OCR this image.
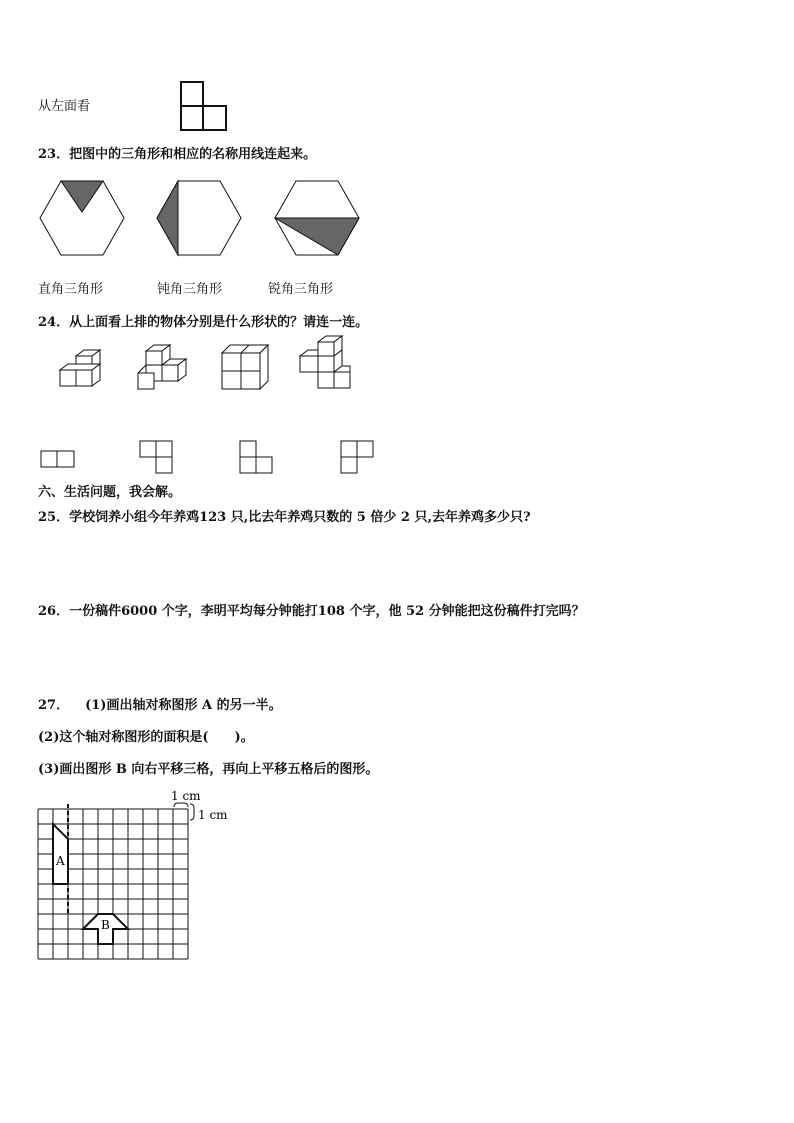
从左面看
23．把图中的三角形和相应的名称用线连起来。
直角三角形	钝角三角形	锐角三角形
24．从上面看上排的物体分别是什么形状的？请连一连。
六、生活问题，我会解。
25．学校饲养小组今年养鸡123 只,比去年养鸡只数的 5 倍少 2 只,去年养鸡多少只?
26．一份稿件6000 个字，李明平均每分钟能打108 个字，他 52 分钟能把这份稿件打完吗？
27． (1)画出轴对称图形 A 的另一半。
(2)这个轴对称图形的面积是(　　)。
(3)画出图形 B 向右平移三格，再向上平移五格后的图形。
A
B
1 cm
1 cm
